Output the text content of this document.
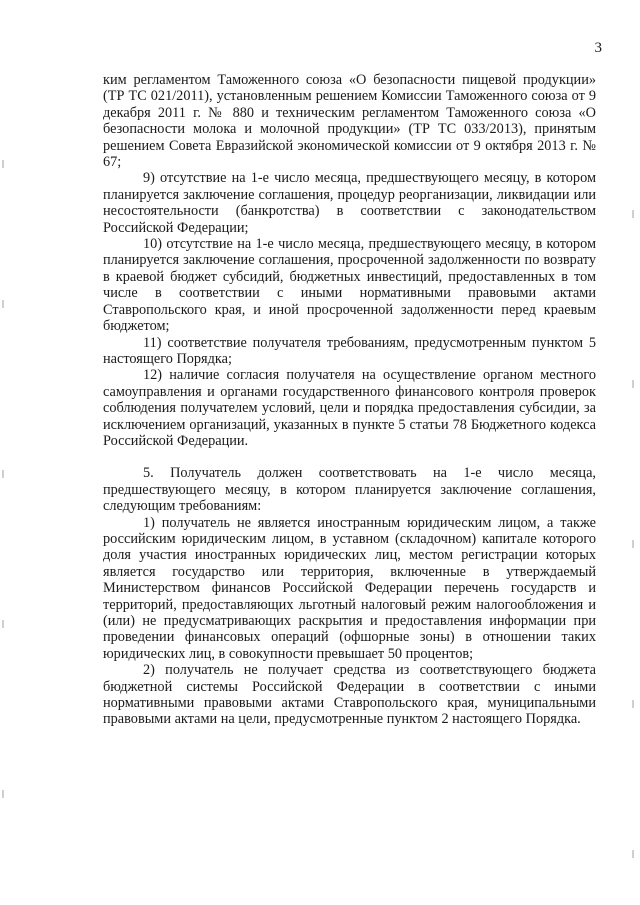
3

ким регламентом Таможенного союза «О безопасности пищевой продукции» (ТР ТС 021/2011), установленным решением Комиссии Таможенного союза от 9 декабря 2011 г. № 880 и техническим регламентом Таможенного союза «О безопасности молока и молочной продукции» (ТР ТС 033/2013), принятым решением Совета Евразийской экономической комиссии от 9 октября 2013 г. № 67;

9) отсутствие на 1-е число месяца, предшествующего месяцу, в котором планируется заключение соглашения, процедур реорганизации, ликвидации или несостоятельности (банкротства) в соответствии с законодательством Российской Федерации;

10) отсутствие на 1-е число месяца, предшествующего месяцу, в котором планируется заключение соглашения, просроченной задолженности по возврату в краевой бюджет субсидий, бюджетных инвестиций, предоставленных в том числе в соответствии с иными нормативными правовыми актами Ставропольского края, и иной просроченной задолженности перед краевым бюджетом;

11) соответствие получателя требованиям, предусмотренным пунктом 5 настоящего Порядка;

12) наличие согласия получателя на осуществление органом местного самоуправления и органами государственного финансового контроля проверок соблюдения получателем условий, цели и порядка предоставления субсидии, за исключением организаций, указанных в пункте 5 статьи 78 Бюджетного кодекса Российской Федерации.

5. Получатель должен соответствовать на 1-е число месяца, предшествующего месяцу, в котором планируется заключение соглашения, следующим требованиям:

1) получатель не является иностранным юридическим лицом, а также российским юридическим лицом, в уставном (складочном) капитале которого доля участия иностранных юридических лиц, местом регистрации которых является государство или территория, включенные в утверждаемый Министерством финансов Российской Федерации перечень государств и территорий, предоставляющих льготный налоговый режим налогообложения и (или) не предусматривающих раскрытия и предоставления информации при проведении финансовых операций (офшорные зоны) в отношении таких юридических лиц, в совокупности превышает 50 процентов;

2) получатель не получает средства из соответствующего бюджета бюджетной системы Российской Федерации в соответствии с иными нормативными правовыми актами Ставропольского края, муниципальными правовыми актами на цели, предусмотренные пунктом 2 настоящего Порядка.
